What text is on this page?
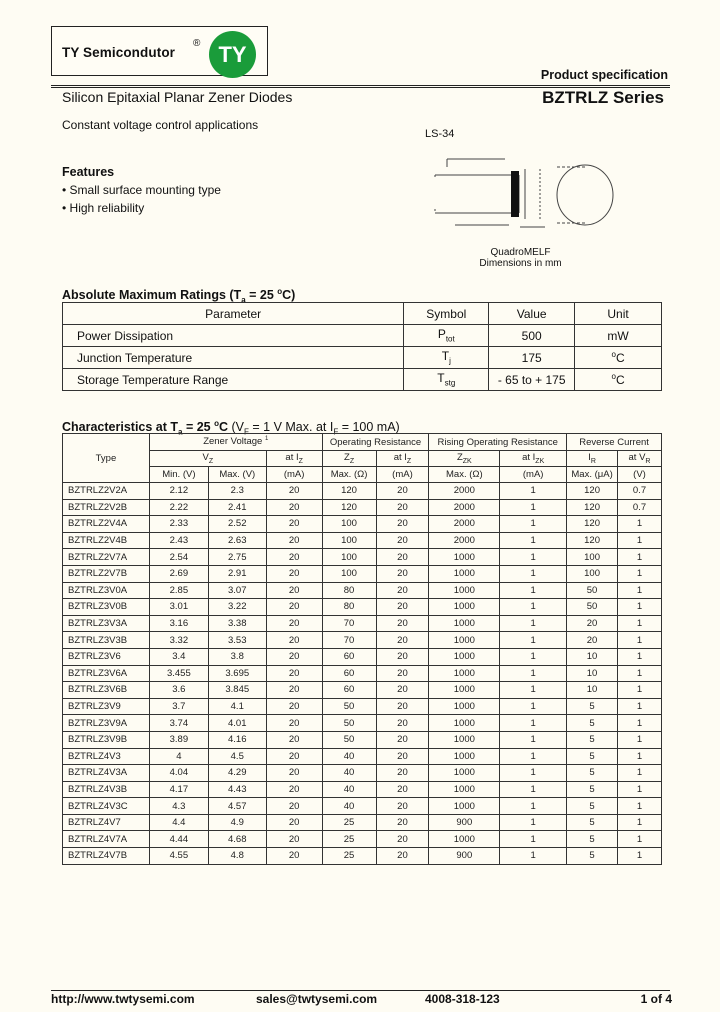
TY Semicondutor
® TY
Product specification
Silicon Epitaxial Planar Zener Diodes	BZTRLZ Series
Constant voltage control applications
LS-34
Features
• Small surface mounting type
• High reliability
QuadroMELF
Dimensions in mm
Absolute Maximum Ratings ($T_a = 25$ $^o$C)
Parameter	Symbol	Value	Unit
Power Dissipation	$P_{tot}$	500	mW
Junction Temperature	$T_j$	175	$^o$C
Storage Temperature Range	$T_{stg}$	- 65 to + 175	$^o$C
Characteristics at $T_a = 25$ $^o$C ($V_F = 1$ V Max. at $I_F = 100$ mA)
Type	Zener Voltage $^1$			Operating Resistance		Rising Operating Resistance		Reverse Current	
	$V_Z$		at $I_Z$	$Z_Z$	at $I_Z$	$Z_{ZK}$	at $I_{ZK}$	$I_R$	at $V_R$
	Min. (V)	Max. (V)	(mA)	Max. (Ω)	(mA)	Max. (Ω)	(mA)	Max. (μA)	(V)
BZTRLZ2V2A	2.12	2.3	20	120	20	2000	1	120	0.7
BZTRLZ2V2B	2.22	2.41	20	120	20	2000	1	120	0.7
BZTRLZ2V4A	2.33	2.52	20	100	20	2000	1	120	1
BZTRLZ2V4B	2.43	2.63	20	100	20	2000	1	120	1
BZTRLZ2V7A	2.54	2.75	20	100	20	1000	1	100	1
BZTRLZ2V7B	2.69	2.91	20	100	20	1000	1	100	1
BZTRLZ3V0A	2.85	3.07	20	80	20	1000	1	50	1
BZTRLZ3V0B	3.01	3.22	20	80	20	1000	1	50	1
BZTRLZ3V3A	3.16	3.38	20	70	20	1000	1	20	1
BZTRLZ3V3B	3.32	3.53	20	70	20	1000	1	20	1
BZTRLZ3V6	3.4	3.8	20	60	20	1000	1	10	1
BZTRLZ3V6A	3.455	3.695	20	60	20	1000	1	10	1
BZTRLZ3V6B	3.6	3.845	20	60	20	1000	1	10	1
BZTRLZ3V9	3.7	4.1	20	50	20	1000	1	5	1
BZTRLZ3V9A	3.74	4.01	20	50	20	1000	1	5	1
BZTRLZ3V9B	3.89	4.16	20	50	20	1000	1	5	1
BZTRLZ4V3	4	4.5	20	40	20	1000	1	5	1
BZTRLZ4V3A	4.04	4.29	20	40	20	1000	1	5	1
BZTRLZ4V3B	4.17	4.43	20	40	20	1000	1	5	1
BZTRLZ4V3C	4.3	4.57	20	40	20	1000	1	5	1
BZTRLZ4V7	4.4	4.9	20	25	20	900	1	5	1
BZTRLZ4V7A	4.44	4.68	20	25	20	1000	1	5	1
BZTRLZ4V7B	4.55	4.8	20	25	20	900	1	5	1
http://www.twtysemi.com	sales@twtysemi.com	4008-318-123	1 of 4
